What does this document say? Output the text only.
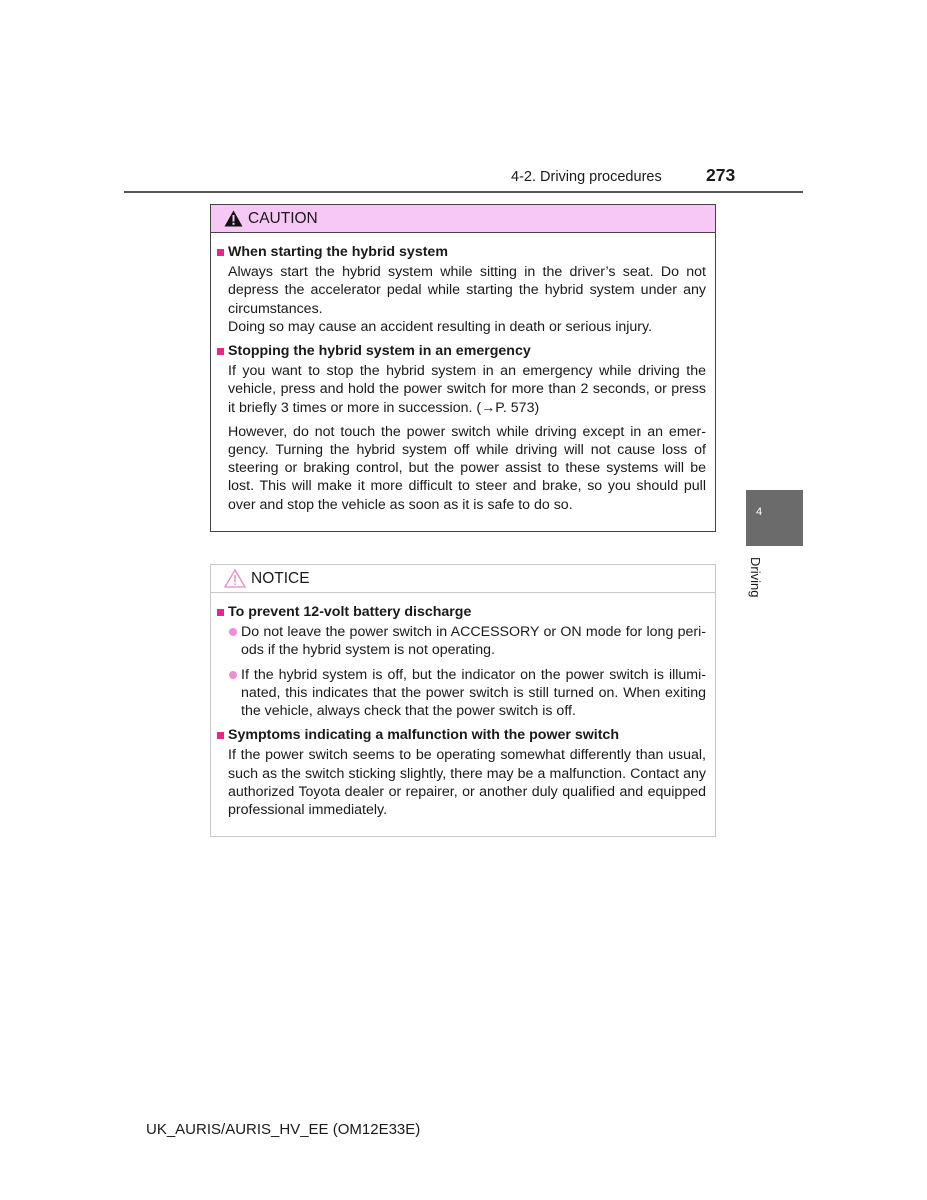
4-2. Driving procedures	273
CAUTION
When starting the hybrid system
Always start the hybrid system while sitting in the driver’s seat. Do not depress the accelerator pedal while starting the hybrid system under any circumstances.
Doing so may cause an accident resulting in death or serious injury.
Stopping the hybrid system in an emergency
If you want to stop the hybrid system in an emergency while driving the vehicle, press and hold the power switch for more than 2 seconds, or press it briefly 3 times or more in succession. (→P. 573)
However, do not touch the power switch while driving except in an emergency. Turning the hybrid system off while driving will not cause loss of steering or braking control, but the power assist to these systems will be lost. This will make it more difficult to steer and brake, so you should pull over and stop the vehicle as soon as it is safe to do so.
NOTICE
To prevent 12-volt battery discharge
Do not leave the power switch in ACCESSORY or ON mode for long periods if the hybrid system is not operating.
If the hybrid system is off, but the indicator on the power switch is illuminated, this indicates that the power switch is still turned on. When exiting the vehicle, always check that the power switch is off.
Symptoms indicating a malfunction with the power switch
If the power switch seems to be operating somewhat differently than usual, such as the switch sticking slightly, there may be a malfunction. Contact any authorized Toyota dealer or repairer, or another duly qualified and equipped professional immediately.
4
Driving
UK_AURIS/AURIS_HV_EE (OM12E33E)
